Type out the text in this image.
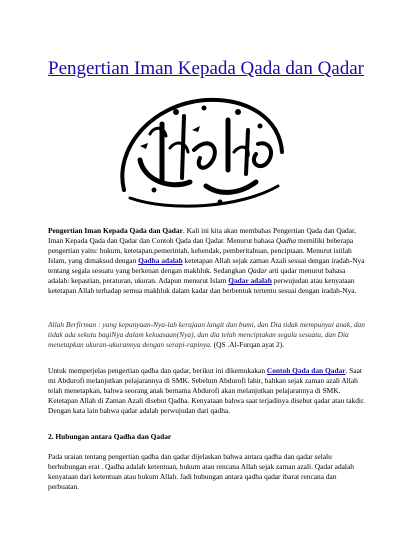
Pengertian Iman Kepada Qada dan Qadar

Pengertian Iman Kepada Qada dan Qadar. Kali ini kita akan membahas Pengertian Qada dan Qadar, Iman Kepada Qada dan Qadar dan Contoh Qada dan Qadar. Menurut bahasa Qadha memiliki beberapa pengertian yaitu: hukum, ketetapan,pemerintah, kehendak, pemberitahuan, penciptaan. Menurut istilah Islam, yang dimaksud dengan Qadha adalah ketetapan Allah sejak zaman Azali sesuai dengan iradah-Nya tentang segala sesuatu yang berkenan dengan makhluk. Sedangkan Qadar arti qadar menurut bahasa adalah: kepastian, peraturan, ukuran. Adapun menurut Islam Qadar adalah perwujudan atau kenyataan ketetapan Allah terhadap semua makhluk dalam kadar dan berbentuk tertentu sesuai dengan iradah-Nya.

Allah Berfirman : yang kepunyaan-Nya-lah kerajaan langit dan bumi, dan Dia tidak mempunyai anak, dan tidak ada sekutu bagiNya dalam kekuasaan(Nya), dan dia telah menciptakan segala sesuatu, dan Dia menetapkan ukuran-ukurannya dengan serapi-rapinya. (QS .Al-Furqan ayat 2).

Untuk memperjelas pengertian qadha dan qadar, berikut ini dikemukakan Contoh Qada dan Qadar. Saat mi Abdurofi melanjutkan pelajarannya di SMK. Sebelum Abdurofi lahir, bahkan sejak zaman azali Allah telah menetapkan, bahwa seorang anak bernama Abdurofi akan melanjutkan pelajarannya di SMK. Ketetapan Allah di Zaman Azali disebut Qadha. Kenyataan bahwa saat terjadinya disebut qadar atau takdir. Dengan kata lain bahwa qadar adalah perwujudan dari qadha.

2. Hubungan antara Qadha dan Qadar

Pada uraian tentang pengertian qadha dan qadar dijelaskan bahwa antara qadha dan qadar selalu berhubungan erat . Qadha adalah ketentuan, hukum atau rencana Allah sejak zaman azali. Qadar adalah kenyataan dari ketentuan atau hukum Allah. Jadi hubungan antara qadha qadar ibarat rencana dan perbuatan.
